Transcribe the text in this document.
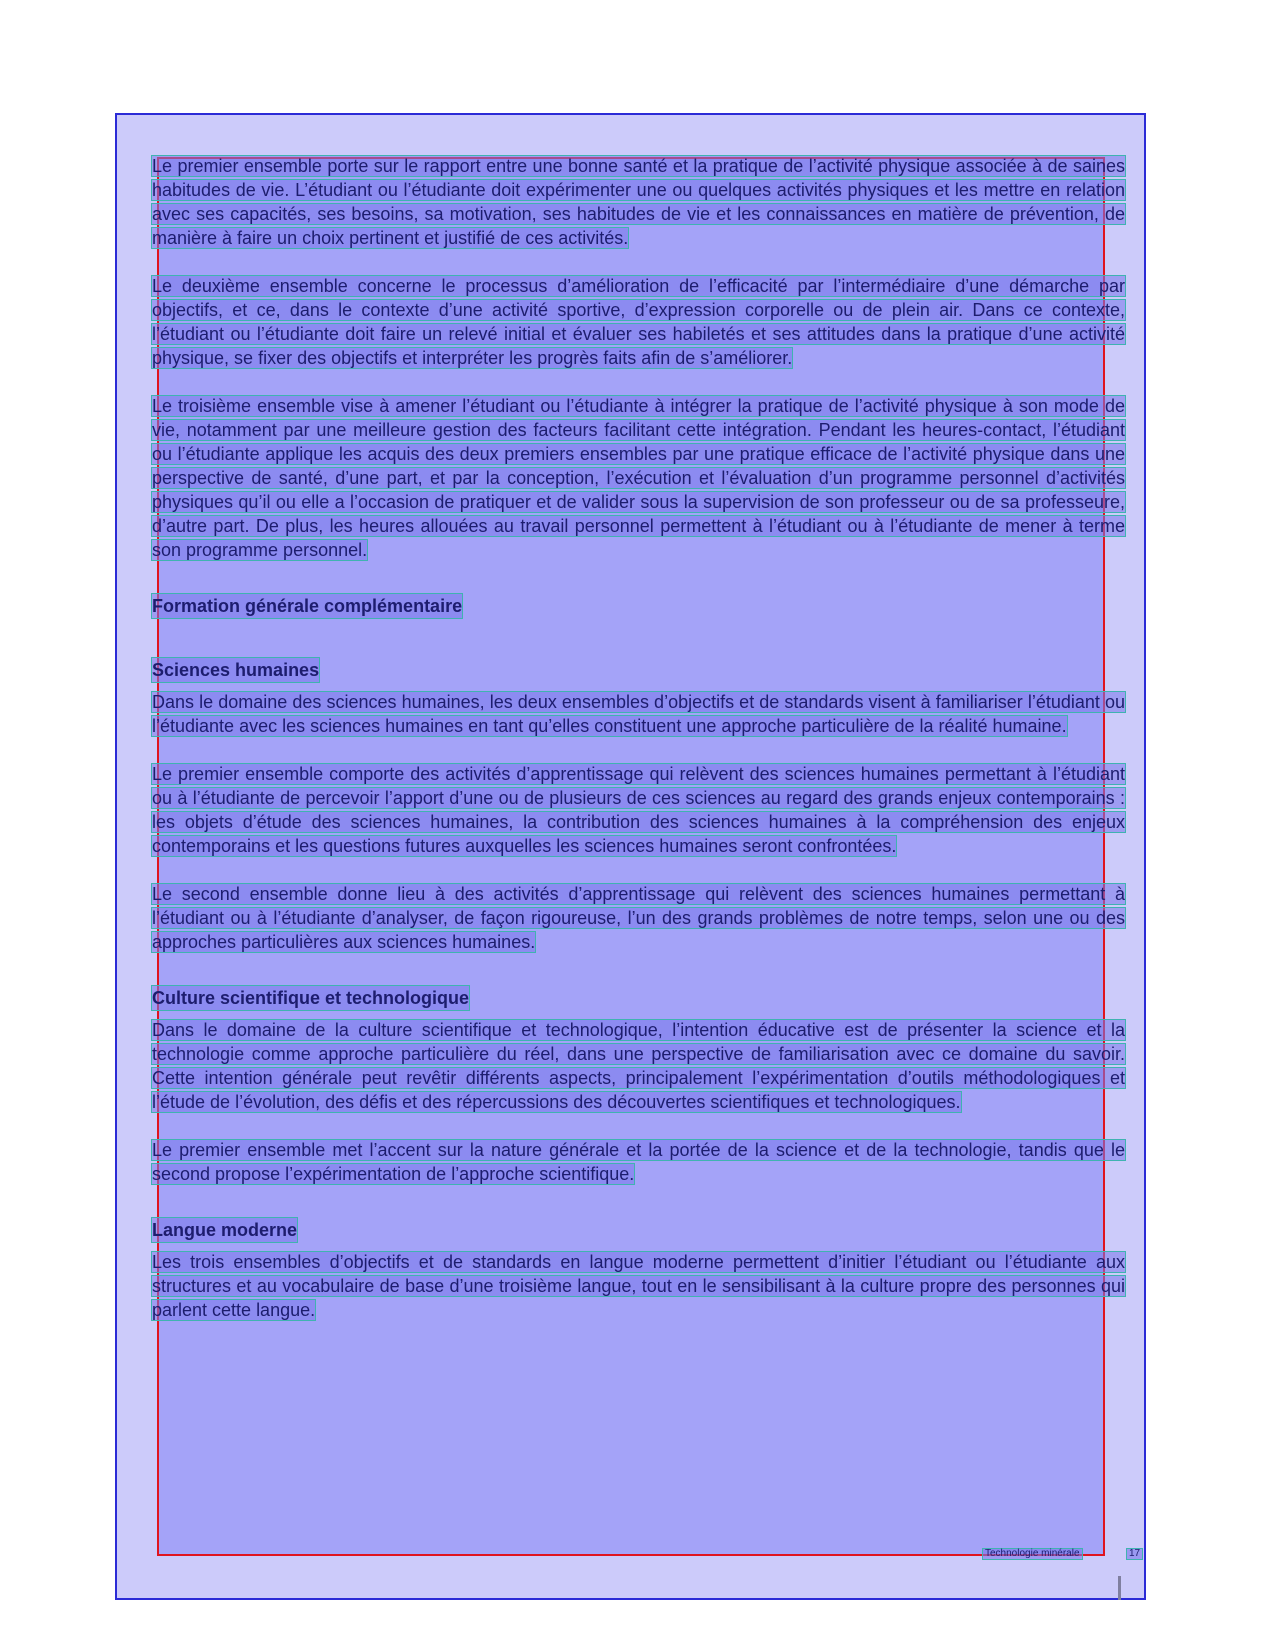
Le premier ensemble porte sur le rapport entre une bonne santé et la pratique de l’activité physique associée à de saines habitudes de vie. L’étudiant ou l’étudiante doit expérimenter une ou quelques activités physiques et les mettre en relation avec ses capacités, ses besoins, sa motivation, ses habitudes de vie et les connaissances en matière de prévention, de manière à faire un choix pertinent et justifié de ces activités.

Le deuxième ensemble concerne le processus d’amélioration de l’efficacité par l’intermédiaire d’une démarche par objectifs, et ce, dans le contexte d’une activité sportive, d’expression corporelle ou de plein air. Dans ce contexte, l’étudiant ou l’étudiante doit faire un relevé initial et évaluer ses habiletés et ses attitudes dans la pratique d’une activité physique, se fixer des objectifs et interpréter les progrès faits afin de s’améliorer.

Le troisième ensemble vise à amener l’étudiant ou l’étudiante à intégrer la pratique de l’activité physique à son mode de vie, notamment par une meilleure gestion des facteurs facilitant cette intégration. Pendant les heures-contact, l’étudiant ou l’étudiante applique les acquis des deux premiers ensembles par une pratique efficace de l’activité physique dans une perspective de santé, d’une part, et par la conception, l’exécution et l’évaluation d’un programme personnel d’activités physiques qu’il ou elle a l’occasion de pratiquer et de valider sous la supervision de son professeur ou de sa professeure, d’autre part. De plus, les heures allouées au travail personnel permettent à l’étudiant ou à l’étudiante de mener à terme son programme personnel.

Formation générale complémentaire
Sciences humaines

Dans le domaine des sciences humaines, les deux ensembles d’objectifs et de standards visent à familiariser l’étudiant ou l’étudiante avec les sciences humaines en tant qu’elles constituent une approche particulière de la réalité humaine.

Le premier ensemble comporte des activités d’apprentissage qui relèvent des sciences humaines permettant à l’étudiant ou à l’étudiante de percevoir l’apport d’une ou de plusieurs de ces sciences au regard des grands enjeux contemporains : les objets d’étude des sciences humaines, la contribution des sciences humaines à la compréhension des enjeux contemporains et les questions futures auxquelles les sciences humaines seront confrontées.

Le second ensemble donne lieu à des activités d’apprentissage qui relèvent des sciences humaines permettant à l’étudiant ou à l’étudiante d’analyser, de façon rigoureuse, l’un des grands problèmes de notre temps, selon une ou des approches particulières aux sciences humaines.

Culture scientifique et technologique

Dans le domaine de la culture scientifique et technologique, l’intention éducative est de présenter la science et la technologie comme approche particulière du réel, dans une perspective de familiarisation avec ce domaine du savoir. Cette intention générale peut revêtir différents aspects, principalement l’expérimentation d’outils méthodologiques et l’étude de l’évolution, des défis et des répercussions des découvertes scientifiques et technologiques.

Le premier ensemble met l’accent sur la nature générale et la portée de la science et de la technologie, tandis que le second propose l’expérimentation de l’approche scientifique.

Langue moderne

Les trois ensembles d’objectifs et de standards en langue moderne permettent d’initier l’étudiant ou l’étudiante aux structures et au vocabulaire de base d’une troisième langue, tout en le sensibilisant à la culture propre des personnes qui parlent cette langue.

Technologie minérale	17
